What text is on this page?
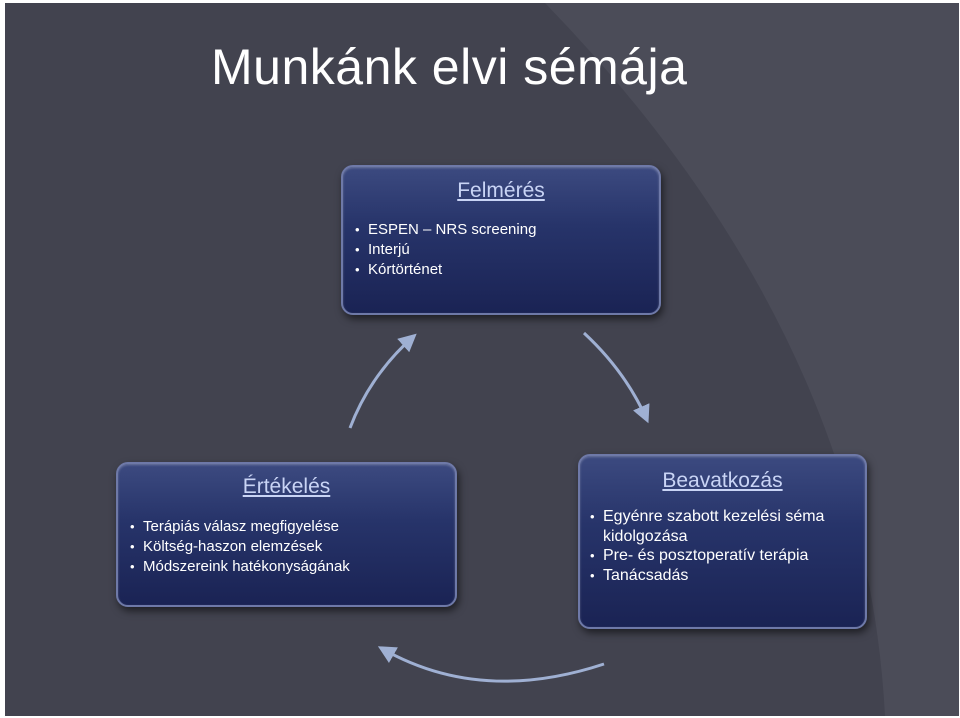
Munkánk elvi sémája
Felmérés
• ESPEN – NRS screening
• Interjú
• Kórtörténet
Értékelés
• Terápiás válasz megfigyelése
• Költség-haszon elemzések
• Módszereink hatékonyságának
Beavatkozás
• Egyénre szabott kezelési séma kidolgozása
• Pre- és posztoperatív terápia
• Tanácsadás
